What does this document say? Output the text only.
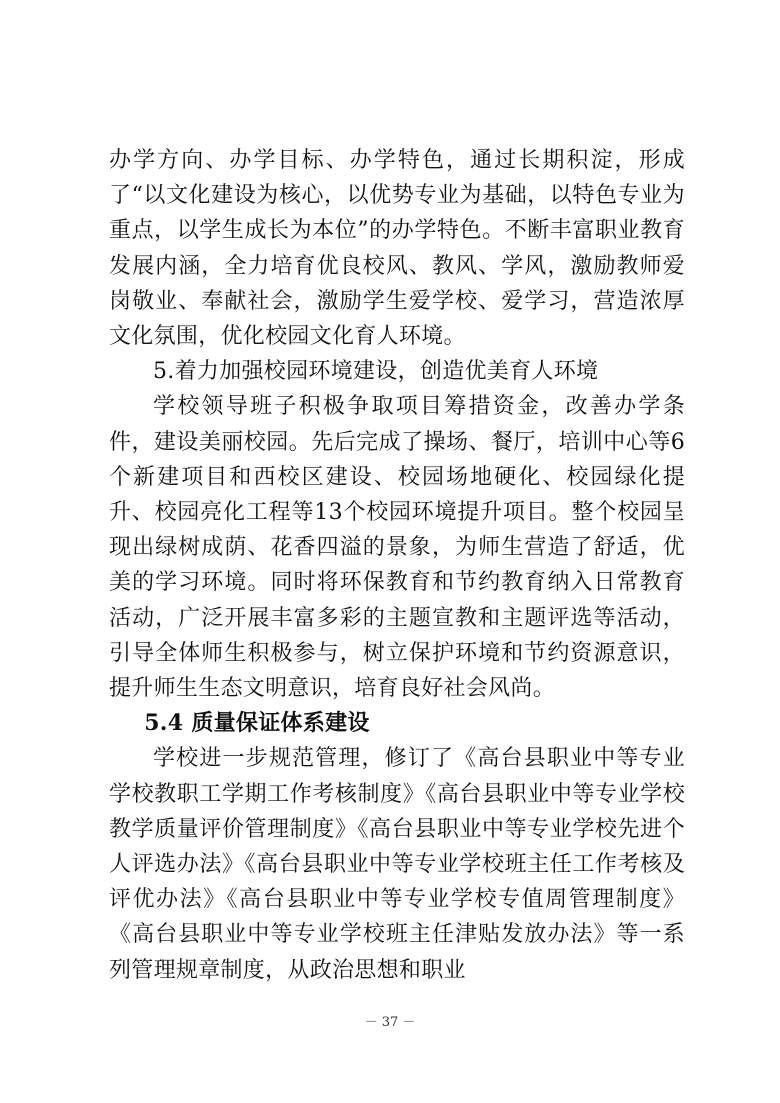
办学方向、办学目标、办学特色，通过长期积淀，形成了“以文化建设为核心，以优势专业为基础，以特色专业为重点，以学生成长为本位”的办学特色。不断丰富职业教育发展内涵，全力培育优良校风、教风、学风，激励教师爱岗敬业、奉献社会，激励学生爱学校、爱学习，营造浓厚文化氛围，优化校园文化育人环境。

5.着力加强校园环境建设，创造优美育人环境

学校领导班子积极争取项目筹措资金，改善办学条件，建设美丽校园。先后完成了操场、餐厅，培训中心等6个新建项目和西校区建设、校园场地硬化、校园绿化提升、校园亮化工程等13个校园环境提升项目。整个校园呈现出绿树成荫、花香四溢的景象，为师生营造了舒适，优美的学习环境。同时将环保教育和节约教育纳入日常教育活动，广泛开展丰富多彩的主题宣教和主题评选等活动，引导全体师生积极参与，树立保护环境和节约资源意识，提升师生生态文明意识，培育良好社会风尚。

5.4 质量保证体系建设

学校进一步规范管理，修订了《高台县职业中等专业学校教职工学期工作考核制度》《高台县职业中等专业学校教学质量评价管理制度》《高台县职业中等专业学校先进个人评选办法》《高台县职业中等专业学校班主任工作考核及评优办法》《高台县职业中等专业学校专值周管理制度》《高台县职业中等专业学校班主任津贴发放办法》等一系列管理规章制度，从政治思想和职业

－ 37 －
